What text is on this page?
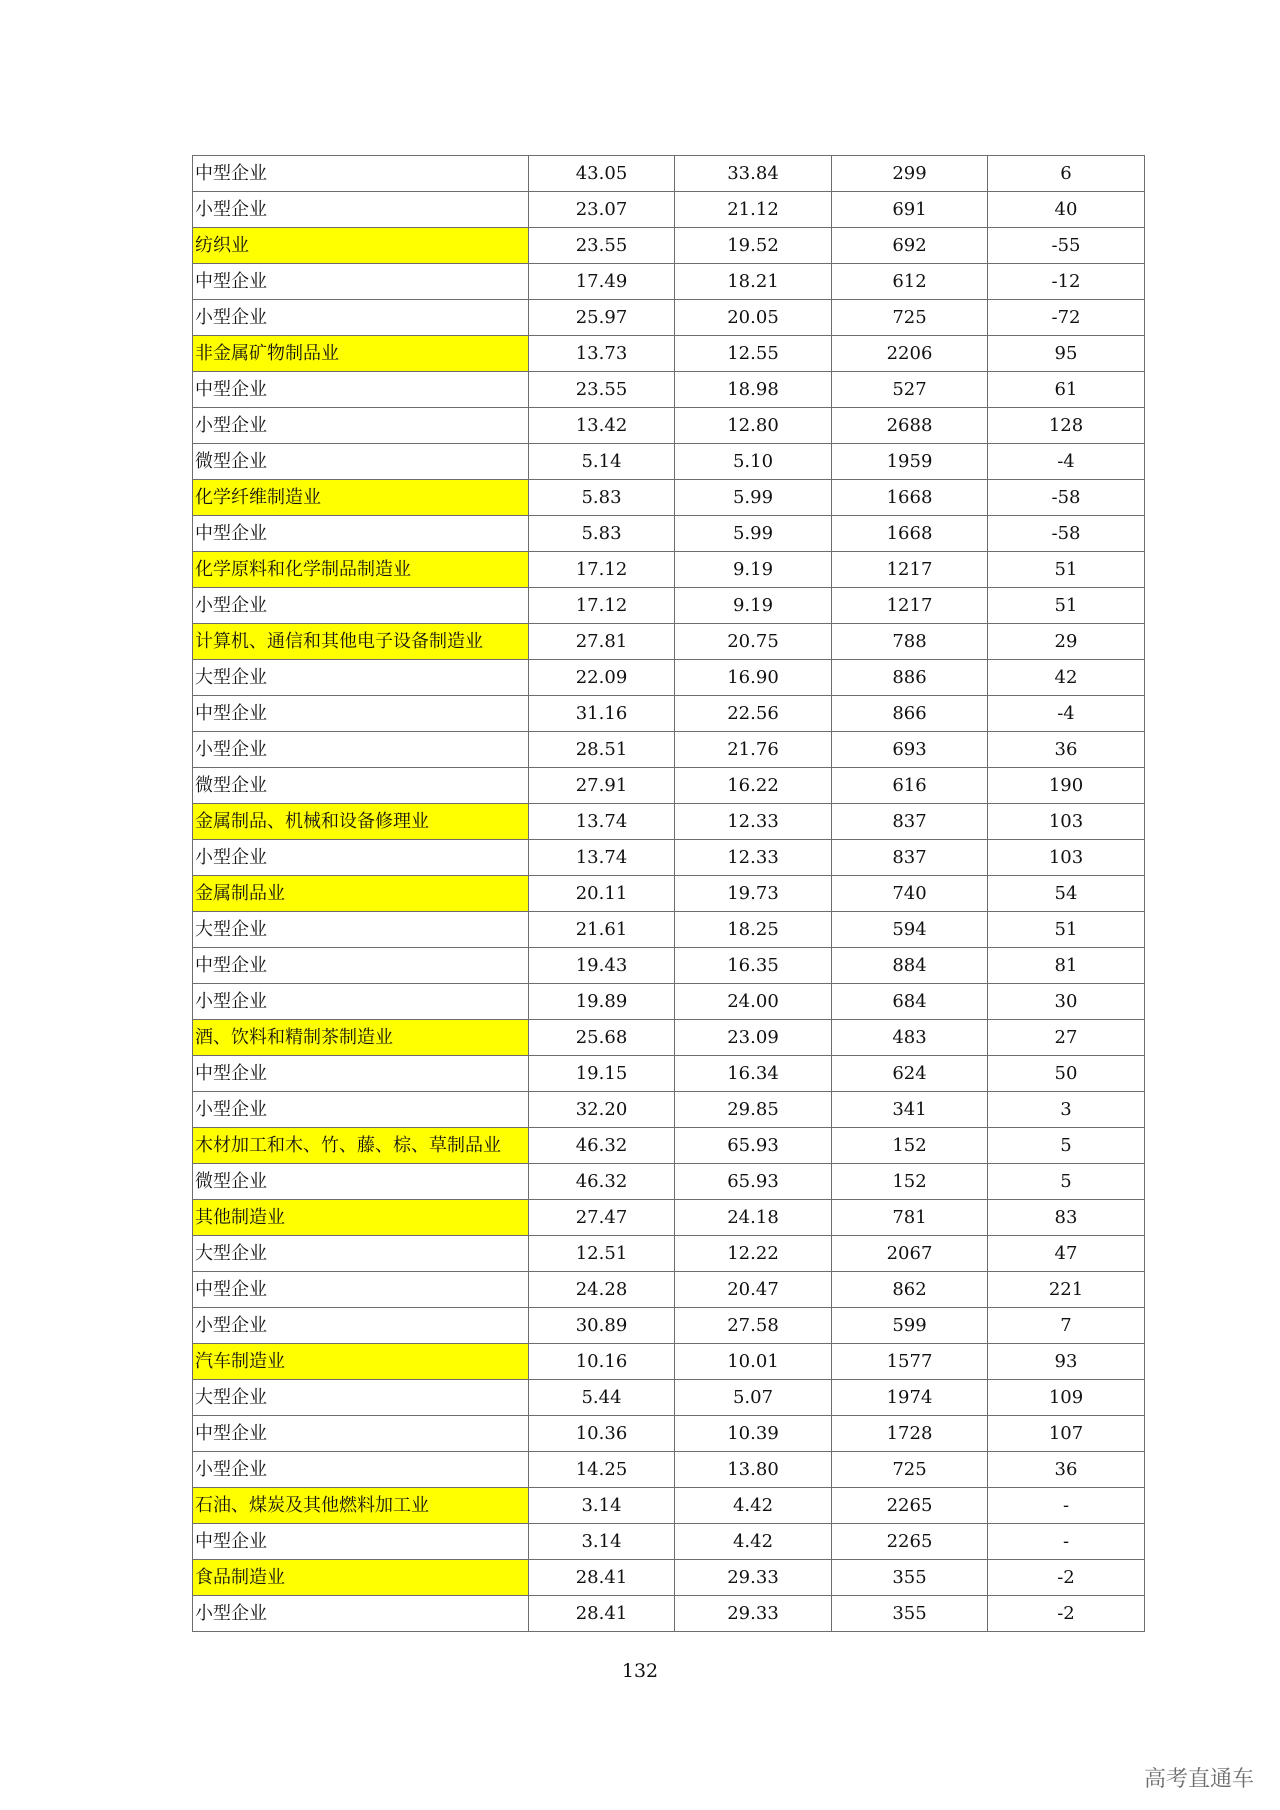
中型企业	43.05	33.84	299	6
小型企业	23.07	21.12	691	40
纺织业	23.55	19.52	692	-55
中型企业	17.49	18.21	612	-12
小型企业	25.97	20.05	725	-72
非金属矿物制品业	13.73	12.55	2206	95
中型企业	23.55	18.98	527	61
小型企业	13.42	12.80	2688	128
微型企业	5.14	5.10	1959	-4
化学纤维制造业	5.83	5.99	1668	-58
中型企业	5.83	5.99	1668	-58
化学原料和化学制品制造业	17.12	9.19	1217	51
小型企业	17.12	9.19	1217	51
计算机、通信和其他电子设备制造业	27.81	20.75	788	29
大型企业	22.09	16.90	886	42
中型企业	31.16	22.56	866	-4
小型企业	28.51	21.76	693	36
微型企业	27.91	16.22	616	190
金属制品、机械和设备修理业	13.74	12.33	837	103
小型企业	13.74	12.33	837	103
金属制品业	20.11	19.73	740	54
大型企业	21.61	18.25	594	51
中型企业	19.43	16.35	884	81
小型企业	19.89	24.00	684	30
酒、饮料和精制茶制造业	25.68	23.09	483	27
中型企业	19.15	16.34	624	50
小型企业	32.20	29.85	341	3
木材加工和木、竹、藤、棕、草制品业	46.32	65.93	152	5
微型企业	46.32	65.93	152	5
其他制造业	27.47	24.18	781	83
大型企业	12.51	12.22	2067	47
中型企业	24.28	20.47	862	221
小型企业	30.89	27.58	599	7
汽车制造业	10.16	10.01	1577	93
大型企业	5.44	5.07	1974	109
中型企业	10.36	10.39	1728	107
小型企业	14.25	13.80	725	36
石油、煤炭及其他燃料加工业	3.14	4.42	2265	-
中型企业	3.14	4.42	2265	-
食品制造业	28.41	29.33	355	-2
小型企业	28.41	29.33	355	-2
132
高考直通车
